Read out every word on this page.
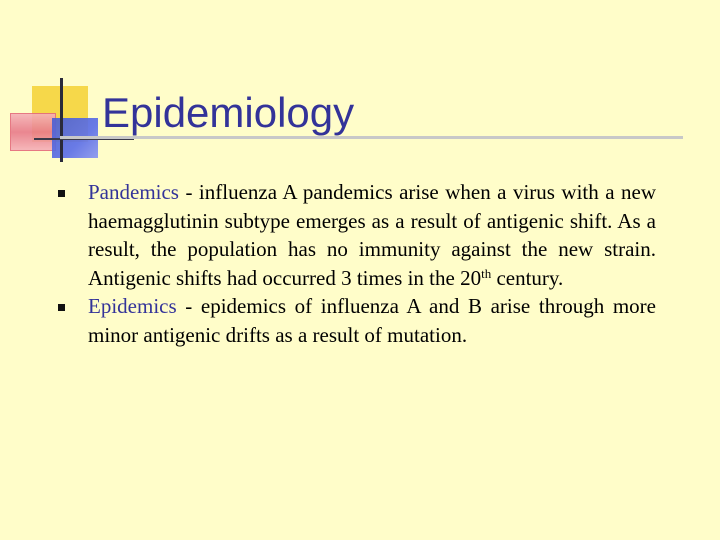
Epidemiology
Pandemics - influenza A pandemics arise when a virus with a new haemagglutinin subtype emerges as a result of antigenic shift. As a result, the population has no immunity against the new strain. Antigenic shifts had occurred 3 times in the 20th century.
Epidemics - epidemics of influenza A and B arise through more minor antigenic drifts as a result of mutation.
